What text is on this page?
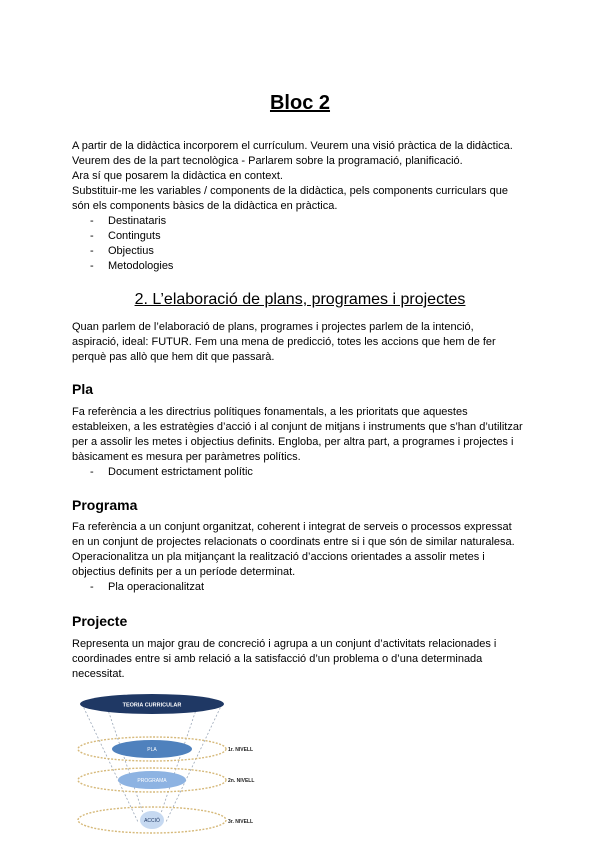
Bloc 2

A partir de la didàctica incorporem el currículum. Veurem una visió pràctica de la didàctica.

Veurem des de la part tecnològica - Parlarem sobre la programació, planificació.

Ara sí que posarem la didàctica en context.

Substituir-me les variables / components de la didàctica, pels components curriculars que

són els components bàsics de la didàctica en pràctica.

- Destinataris
- Continguts
- Objectius
- Metodologies
2. L’elaboració de plans, programes i projectes

Quan parlem de l’elaboració de plans, programes i projectes parlem de la intenció,

aspiració, ideal: FUTUR. Fem una mena de predicció, totes les accions que hem de fer

perquè pas allò que hem dit que passarà.

Pla

Fa referència a les directrius polítiques fonamentals, a les prioritats que aquestes

estableixen, a les estratègies d’acció i al conjunt de mitjans i instruments que s’han d’utilitzar

per a assolir les metes i objectius definits. Engloba, per altra part, a programes i projectes i

bàsicament es mesura per paràmetres polítics.

- Document estrictament polític
Programa

Fa referència a un conjunt organitzat, coherent i integrat de serveis o processos expressat

en un conjunt de projectes relacionats o coordinats entre si i que són de similar naturalesa.

Operacionalitza un pla mitjançant la realització d’accions orientades a assolir metes i

objectius definits per a un període determinat.

- Pla operacionalitzat
Projecte

Representa un major grau de concreció i agrupa a un conjunt d’activitats relacionades i

coordinades entre si amb relació a la satisfacció d’un problema o d’una determinada

necessitat.

TEORIA CURRICULAR
PLA
PROGRAMA
ACCIÓ
1r. NIVELL
2n. NIVELL
3r. NIVELL
